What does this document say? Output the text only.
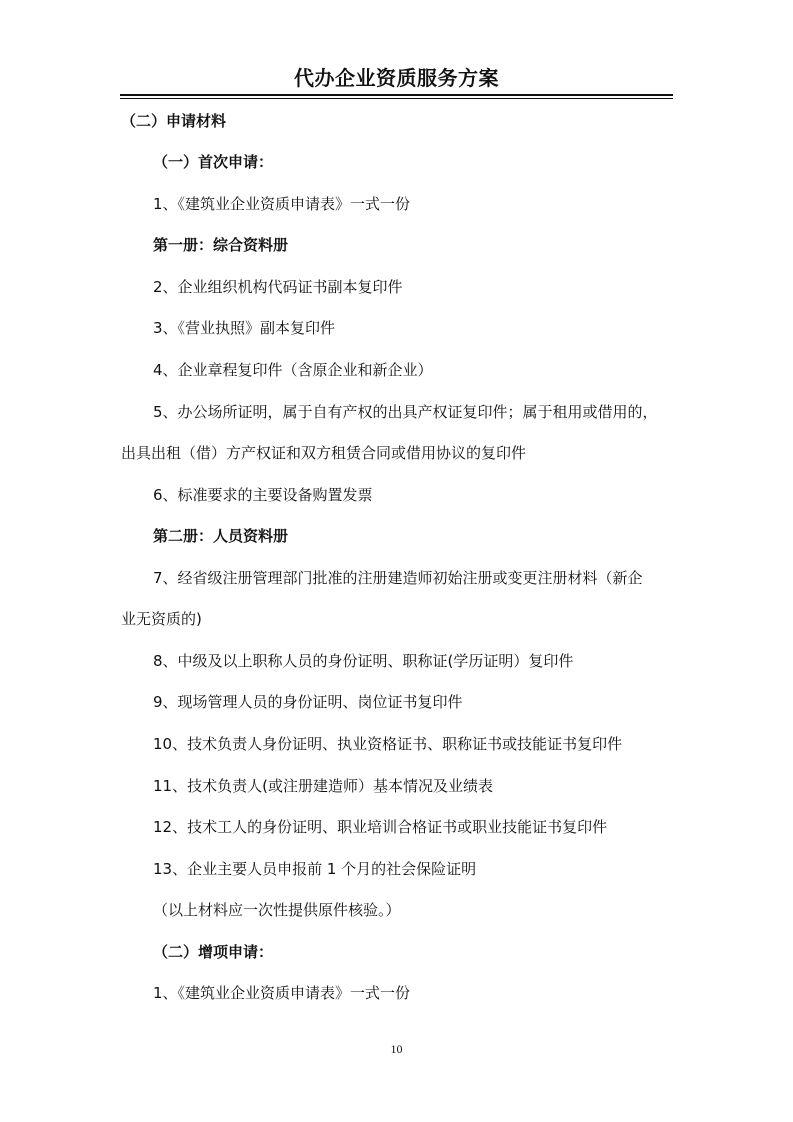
代办企业资质服务方案
（二）申请材料
（一）首次申请：
1、《建筑业企业资质申请表》一式一份
第一册：综合资料册
2、企业组织机构代码证书副本复印件
3、《营业执照》副本复印件
4、企业章程复印件（含原企业和新企业）
5、办公场所证明，属于自有产权的出具产权证复印件；属于租用或借用的，
出具出租（借）方产权证和双方租赁合同或借用协议的复印件
6、标准要求的主要设备购置发票
第二册：人员资料册
7、经省级注册管理部门批准的注册建造师初始注册或变更注册材料（新企
业无资质的)
8、中级及以上职称人员的身份证明、职称证(学历证明）复印件
9、现场管理人员的身份证明、岗位证书复印件
10、技术负责人身份证明、执业资格证书、职称证书或技能证书复印件
11、技术负责人(或注册建造师）基本情况及业绩表
12、技术工人的身份证明、职业培训合格证书或职业技能证书复印件
13、企业主要人员申报前 1 个月的社会保险证明
（以上材料应一次性提供原件核验。）
（二）增项申请：
1、《建筑业企业资质申请表》一式一份
10
